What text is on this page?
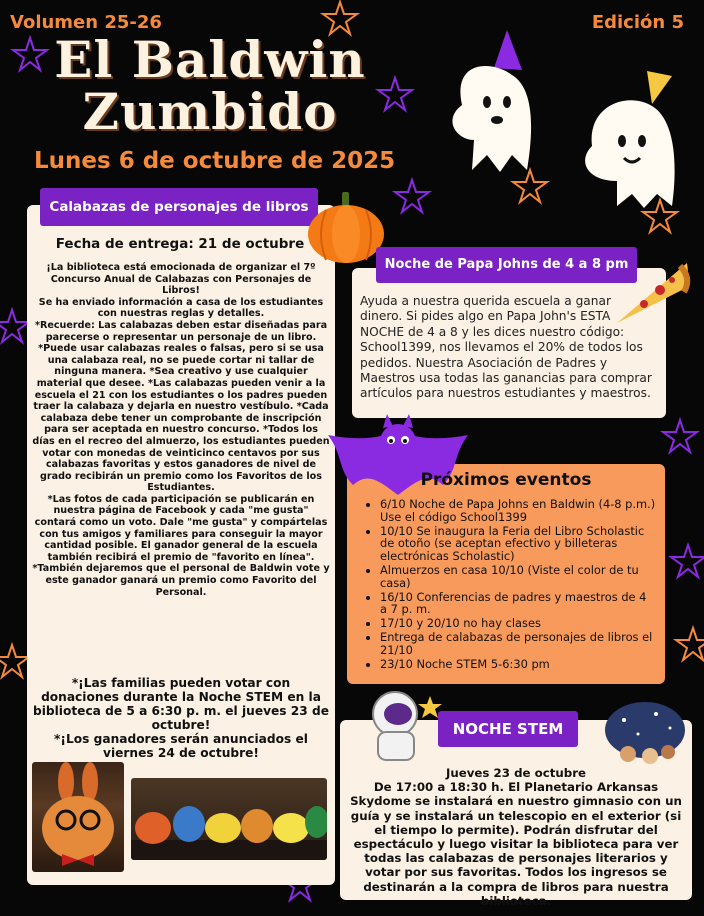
Volumen 25-26	Edición 5
El Baldwin
Zumbido
Lunes 6 de octubre de 2025
Calabazas de personajes de libros
Fecha de entrega: 21 de octubre

¡La biblioteca está emocionada de organizar el 7º Concurso Anual de Calabazas con Personajes de Libros!

Se ha enviado información a casa de los estudiantes con nuestras reglas y detalles.

*Recuerde: Las calabazas deben estar diseñadas para parecerse o representar un personaje de un libro. *Puede usar calabazas reales o falsas, pero si se usa una calabaza real, no se puede cortar ni tallar de ninguna manera. *Sea creativo y use cualquier material que desee. *Las calabazas pueden venir a la escuela el 21 con los estudiantes o los padres pueden traer la calabaza y dejarla en nuestro vestíbulo. *Cada calabaza debe tener un comprobante de inscripción para ser aceptada en nuestro concurso. *Todos los días en el recreo del almuerzo, los estudiantes pueden votar con monedas de veinticinco centavos por sus calabazas favoritas y estos ganadores de nivel de grado recibirán un premio como los Favoritos de los Estudiantes.

*Las fotos de cada participación se publicarán en nuestra página de Facebook y cada "me gusta" contará como un voto. Dale "me gusta" y compártelas con tus amigos y familiares para conseguir la mayor cantidad posible. El ganador general de la escuela también recibirá el premio de "favorito en línea".

*También dejaremos que el personal de Baldwin vote y este ganador ganará un premio como Favorito del Personal.

*¡Las familias pueden votar con donaciones durante la Noche STEM en la biblioteca de 5 a 6:30 p. m. el jueves 23 de octubre!
*¡Los ganadores serán anunciados el viernes 24 de octubre!
Noche de Papa Johns de 4 a 8 pm
Ayuda a nuestra querida escuela a ganar dinero. Si pides algo en Papa John's ESTA NOCHE de 4 a 8 y les dices nuestro código: School1399, nos llevamos el 20% de todos los pedidos. Nuestra Asociación de Padres y Maestros usa todas las ganancias para comprar artículos para nuestros estudiantes y maestros.
Próximos eventos
• 6/10 Noche de Papa Johns en Baldwin (4-8 p.m.) Use el código School1399
• 10/10 Se inaugura la Feria del Libro Scholastic de otoño (se aceptan efectivo y billeteras electrónicas Scholastic)
• Almuerzos en casa 10/10 (Viste el color de tu casa)
• 16/10 Conferencias de padres y maestros de 4 a 7 p. m.
• 17/10 y 20/10 no hay clases
• Entrega de calabazas de personajes de libros el 21/10
• 23/10 Noche STEM 5-6:30 pm
NOCHE STEM

Jueves 23 de octubre

De 17:00 a 18:30 h. El Planetario Arkansas Skydome se instalará en nuestro gimnasio con un guía y se instalará un telescopio en el exterior (si el tiempo lo permite). Podrán disfrutar del espectáculo y luego visitar la biblioteca para ver todas las calabazas de personajes literarios y votar por sus favoritas. Todos los ingresos se destinarán a la compra de libros para nuestra biblioteca.
